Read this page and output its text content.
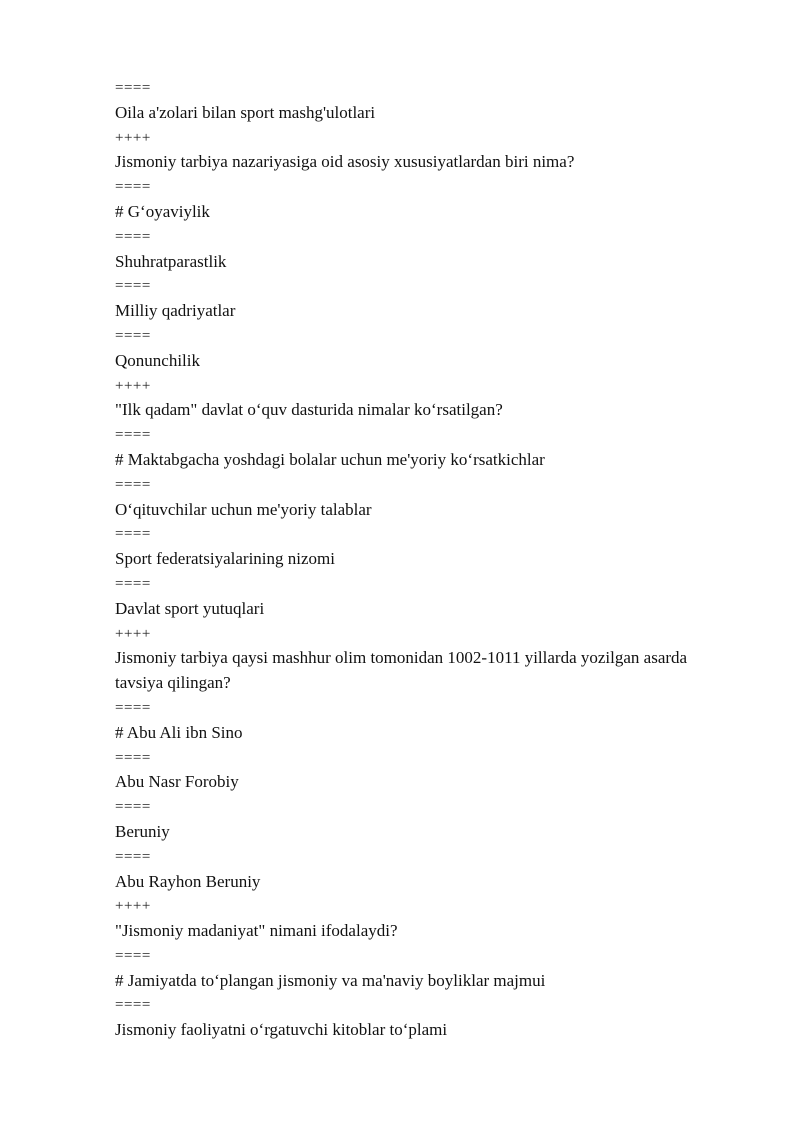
====
Oila a'zolari bilan sport mashg'ulotlari
++++
Jismoniy tarbiya nazariyasiga oid asosiy xususiyatlardan biri nima?
====
# G‘oyaviylik
====
Shuhratparastlik
====
Milliy qadriyatlar
====
Qonunchilik
++++
"Ilk qadam" davlat o‘quv dasturida nimalar ko‘rsatilgan?
====
# Maktabgacha yoshdagi bolalar uchun me'yoriy ko‘rsatkichlar
====
O‘qituvchilar uchun me'yoriy talablar
====
Sport federatsiyalarining nizomi
====
Davlat sport yutuqlari
++++
Jismoniy tarbiya qaysi mashhur olim tomonidan 1002-1011 yillarda yozilgan asarda tavsiya qilingan?
====
# Abu Ali ibn Sino
====
Abu Nasr Forobiy
====
Beruniy
====
Abu Rayhon Beruniy
++++
"Jismoniy madaniyat" nimani ifodalaydi?
====
# Jamiyatda to‘plangan jismoniy va ma'naviy boyliklar majmui
====
Jismoniy faoliyatni o‘rgatuvchi kitoblar to‘plami
